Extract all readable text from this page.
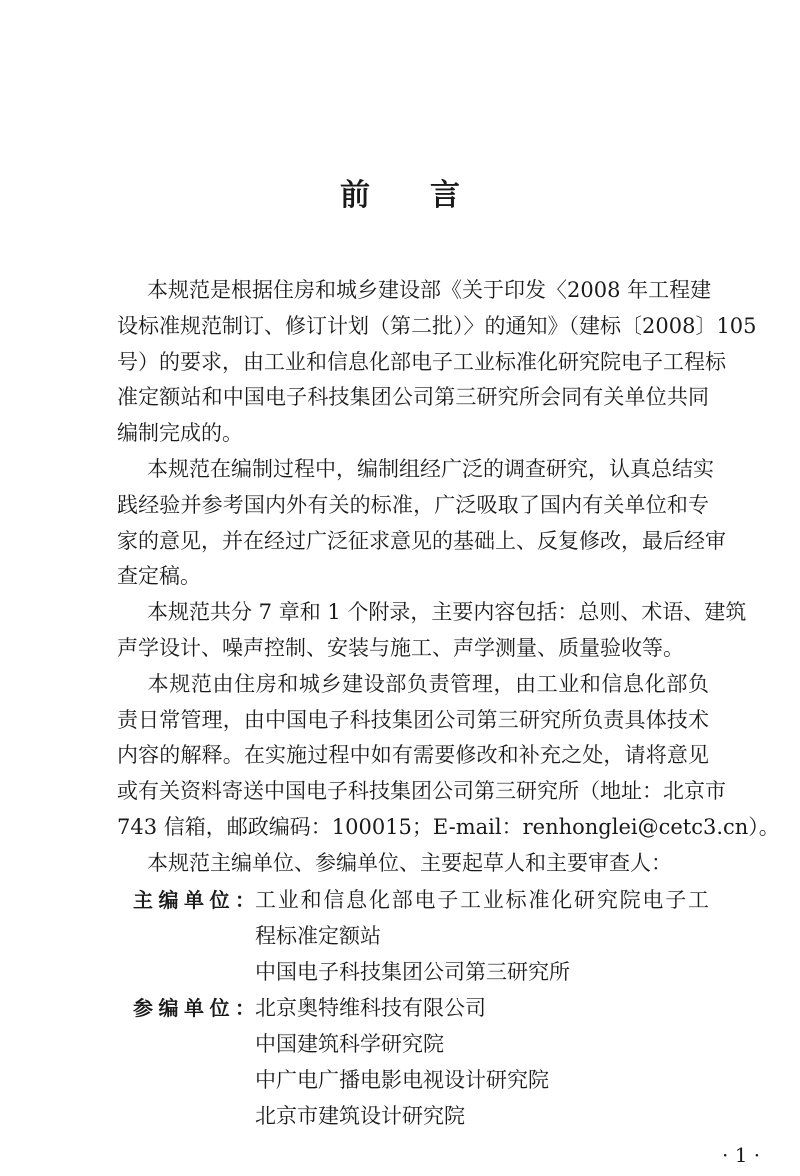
前言
本规范是根据住房和城乡建设部《关于印发〈2008 年工程建
设标准规范制订、修订计划（第二批）〉的通知》（建标〔2008〕105
号）的要求，由工业和信息化部电子工业标准化研究院电子工程标
准定额站和中国电子科技集团公司第三研究所会同有关单位共同
编制完成的。
本规范在编制过程中，编制组经广泛的调查研究，认真总结实
践经验并参考国内外有关的标准，广泛吸取了国内有关单位和专
家的意见，并在经过广泛征求意见的基础上、反复修改，最后经审
查定稿。
本规范共分 7 章和 1 个附录，主要内容包括：总则、术语、建筑
声学设计、噪声控制、安装与施工、声学测量、质量验收等。
本规范由住房和城乡建设部负责管理，由工业和信息化部负
责日常管理，由中国电子科技集团公司第三研究所负责具体技术
内容的解释。在实施过程中如有需要修改和补充之处，请将意见
或有关资料寄送中国电子科技集团公司第三研究所（地址：北京市
743 信箱，邮政编码：100015；E-mail：renhonglei@cetc3.cn）。
本规范主编单位、参编单位、主要起草人和主要审查人：
主编单位： 工业和信息化部电子工业标准化研究院电子工
程标准定额站
中国电子科技集团公司第三研究所
参编单位： 北京奥特维科技有限公司
中国建筑科学研究院
中广电广播电影电视设计研究院
北京市建筑设计研究院
· 1 ·
